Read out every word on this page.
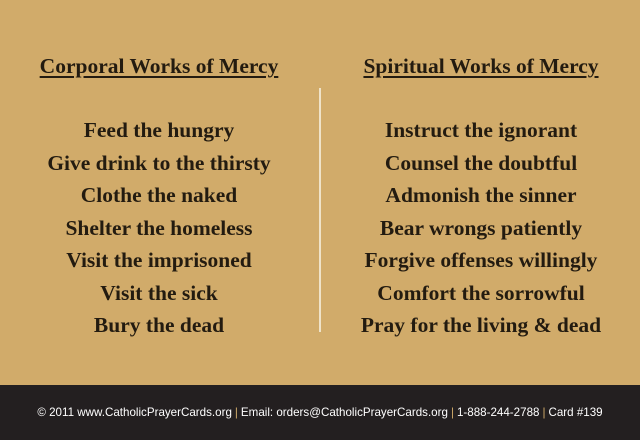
Corporal Works of Mercy
Feed the hungry
Give drink to the thirsty
Clothe the naked
Shelter the homeless
Visit the imprisoned
Visit the sick
Bury the dead
Spiritual Works of Mercy
Instruct the ignorant
Counsel the doubtful
Admonish the sinner
Bear wrongs patiently
Forgive offenses willingly
Comfort the sorrowful
Pray for the living & dead
© 2011 www.CatholicPrayerCards.org | Email: orders@CatholicPrayerCards.org | 1-888-244-2788 | Card #139
